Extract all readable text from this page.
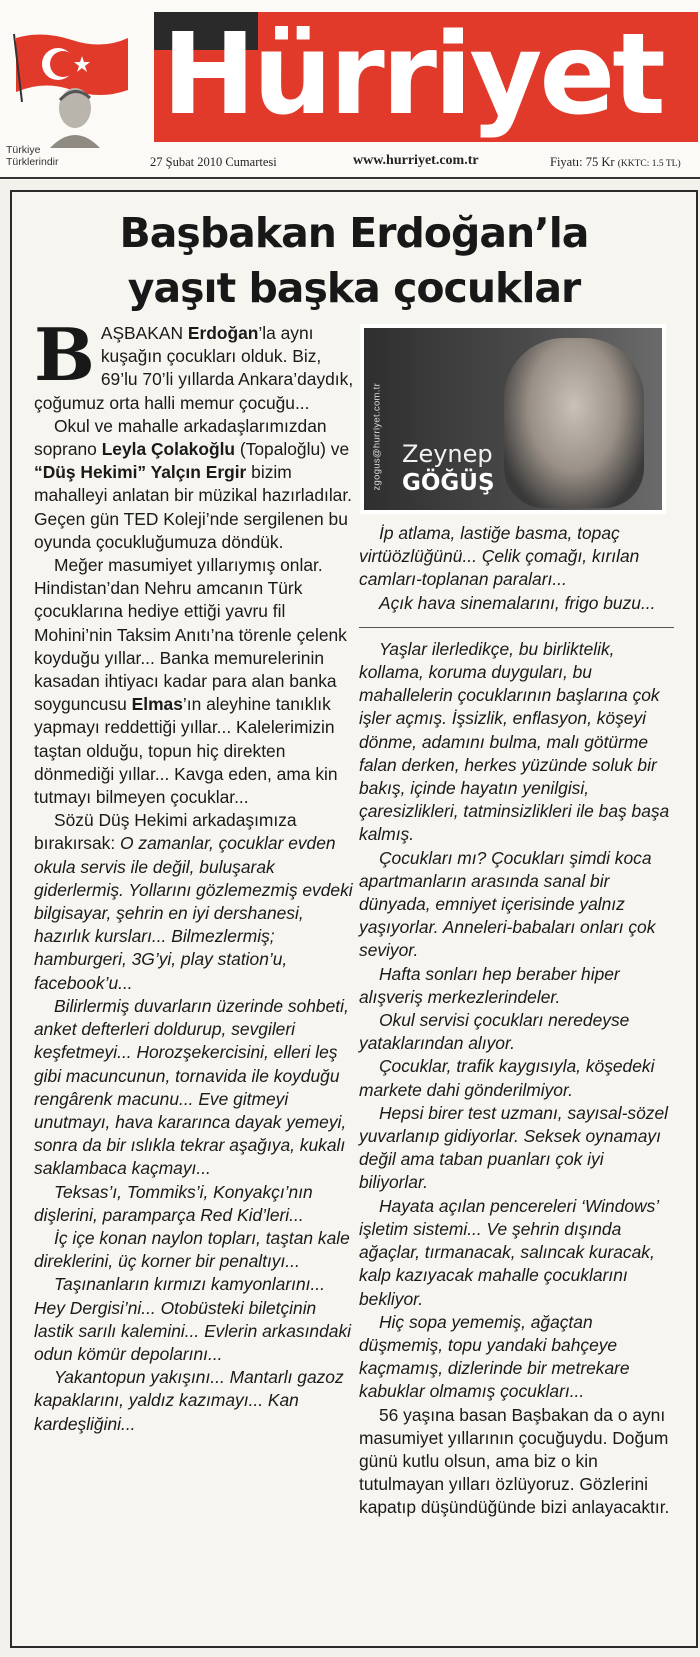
Türkiye
Türklerindir
Hürriyet
27 Şubat 2010 Cumartesi	www.hurriyet.com.tr	Fiyatı: 75 Kr (KKTC: 1.5 TL)
Başbakan Erdoğan’la
yaşıt başka çocuklar

BAŞBAKAN Erdoğan’la aynı kuşağın çocukları olduk. Biz, 69’lu 70’li yıllarda Ankara’daydık, çoğumuz orta halli memur çocuğu...

Okul ve mahalle arkadaşlarımızdan soprano Leyla Çolakoğlu (Topaloğlu) ve “Düş Hekimi” Yalçın Ergir bizim mahalleyi anlatan bir müzikal hazırladılar. Geçen gün TED Koleji’nde sergilenen bu oyunda çocukluğumuza döndük.

Meğer masumiyet yıllarıymış onlar. Hindistan’dan Nehru amcanın Türk çocuklarına hediye ettiği yavru fil Mohini’nin Taksim Anıtı’na törenle çelenk koyduğu yıllar... Banka memurelerinin kasadan ihtiyacı kadar para alan banka soyguncusu Elmas’ın aleyhine tanıklık yapmayı reddettiği yıllar... Kalelerimizin taştan olduğu, topun hiç direkten dönmediği yıllar... Kavga eden, ama kin tutmayı bilmeyen çocuklar...

Sözü Düş Hekimi arkadaşımıza bırakırsak: O zamanlar, çocuklar evden okula servis ile değil, buluşarak giderlermiş. Yollarını gözlemezmiş evdeki bilgisayar, şehrin en iyi dershanesi, hazırlık kursları... Bilmezlermiş; hamburgeri, 3G’yi, play station’u, facebook’u...

Bilirlermiş duvarların üzerinde sohbeti, anket defterleri doldurup, sevgileri keşfetmeyi... Horozşekercisini, elleri leş gibi macuncunun, tornavida ile koyduğu rengârenk macunu... Eve gitmeyi unutmayı, hava kararınca dayak yemeyi, sonra da bir ıslıkla tekrar aşağıya, kukalı saklambaca kaçmayı...

Teksas’ı, Tommiks’i, Konyakçı’nın dişlerini, paramparça Red Kid’leri...

İç içe konan naylon topları, taştan kale direklerini, üç korner bir penaltıyı...

Taşınanların kırmızı kamyonlarını... Hey Dergisi’ni... Otobüsteki biletçinin lastik sarılı kalemini... Evlerin arkasındaki odun kömür depolarını...

Yakantopun yakışını... Mantarlı gazoz kapaklarını, yaldız kazımayı... Kan kardeşliğini...

zgogus@hurriyet.com.tr Zeynep
GÖĞÜŞ

İp atlama, lastiğe basma, topaç virtüözlüğünü... Çelik çomağı, kırılan camları-toplanan paraları...

Açık hava sinemalarını, frigo buzu...

Yaşlar ilerledikçe, bu birliktelik, kollama, koruma duyguları, bu mahallelerin çocuklarının başlarına çok işler açmış. İşsizlik, enflasyon, köşeyi dönme, adamını bulma, malı götürme falan derken, herkes yüzünde soluk bir bakış, içinde hayatın yenilgisi, çaresizlikleri, tatminsizlikleri ile baş başa kalmış.

Çocukları mı? Çocukları şimdi koca apartmanların arasında sanal bir dünyada, emniyet içerisinde yalnız yaşıyorlar. Anneleri-babaları onları çok seviyor.

Hafta sonları hep beraber hiper alışveriş merkezlerindeler.

Okul servisi çocukları neredeyse yataklarından alıyor.

Çocuklar, trafik kaygısıyla, köşedeki markete dahi gönderilmiyor.

Hepsi birer test uzmanı, sayısal-sözel yuvarlanıp gidiyorlar. Seksek oynamayı değil ama taban puanları çok iyi biliyorlar.

Hayata açılan pencereleri ‘Windows’ işletim sistemi... Ve şehrin dışında ağaçlar, tırmanacak, salıncak kuracak, kalp kazıyacak mahalle çocuklarını bekliyor.

Hiç sopa yememiş, ağaçtan düşmemiş, topu yandaki bahçeye kaçmamış, dizlerinde bir metrekare kabuklar olmamış çocukları...

56 yaşına basan Başbakan da o aynı masumiyet yıllarının çocuğuydu. Doğum günü kutlu olsun, ama biz o kin tutulmayan yılları özlüyoruz. Gözlerini kapatıp düşündüğünde bizi anlayacaktır.
